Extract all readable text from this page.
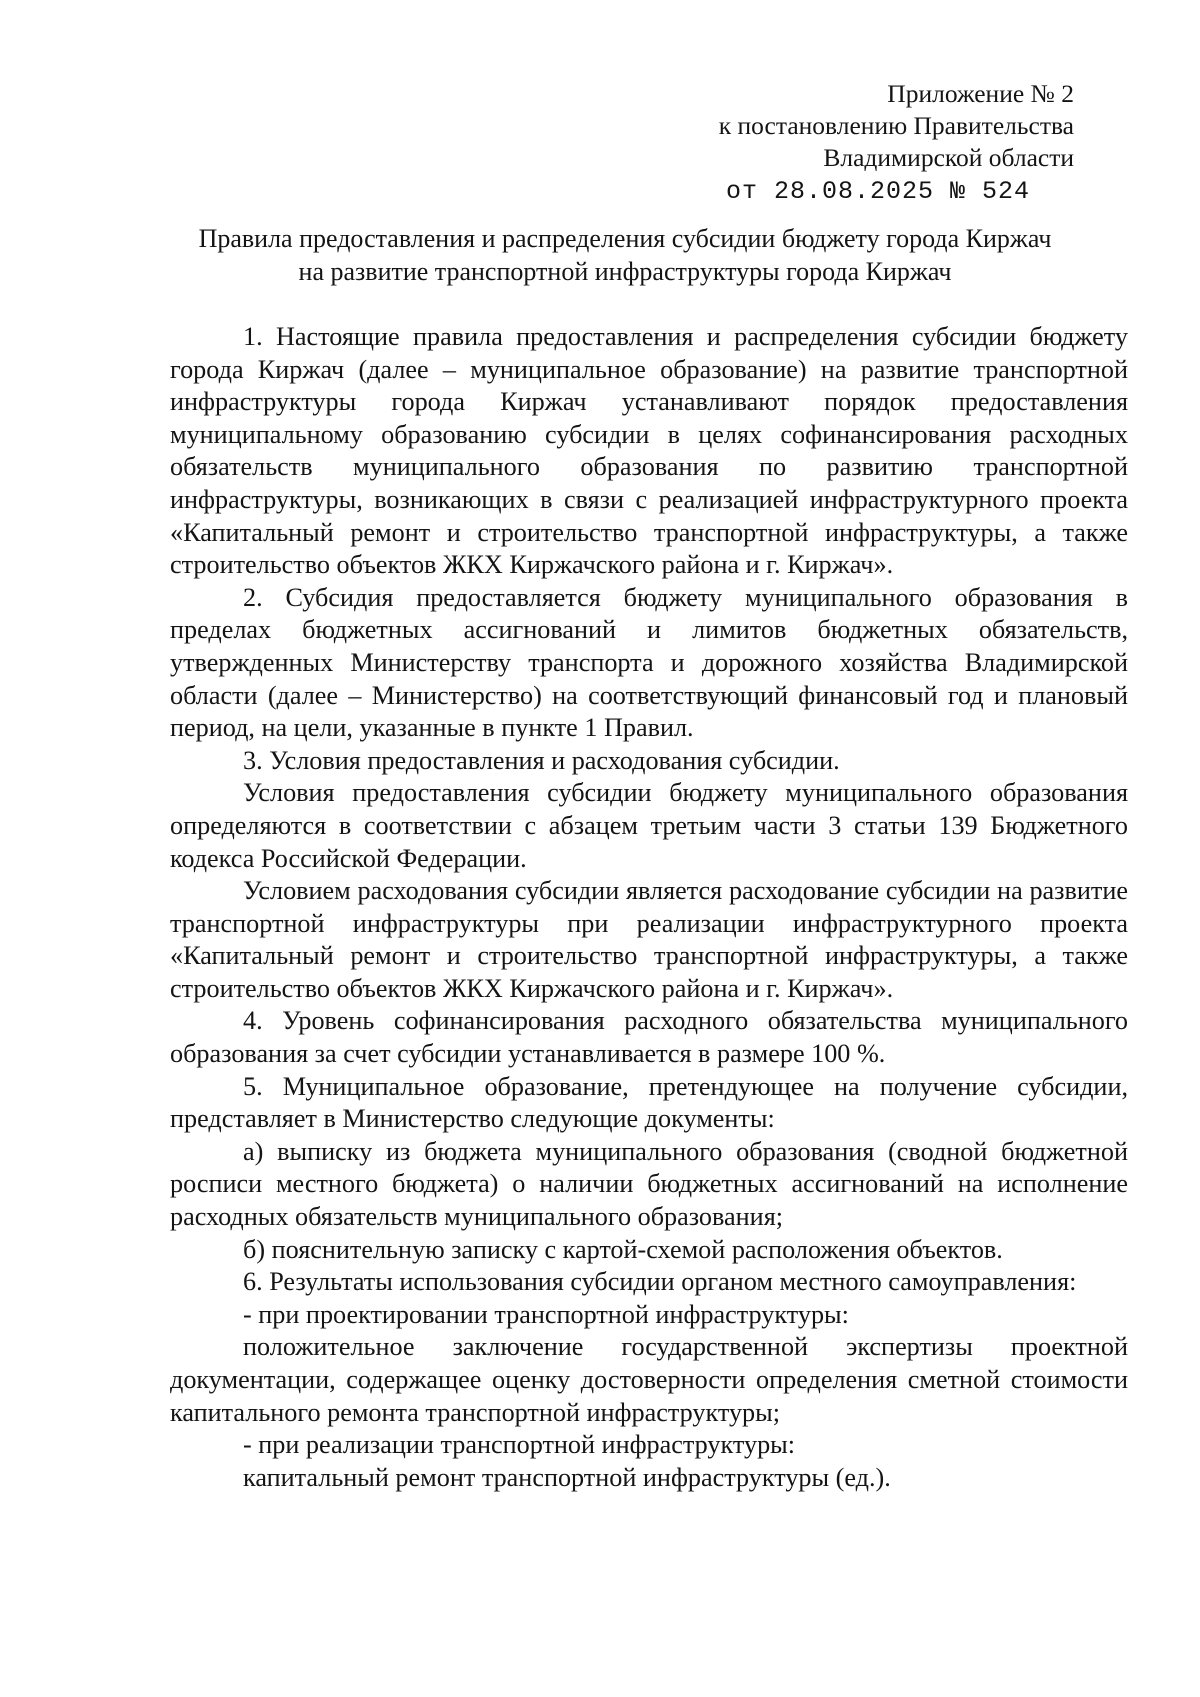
Приложение № 2
к постановлению Правительства
Владимирской области
от 28.08.2025 № 524
Правила предоставления и распределения субсидии бюджету города Киржач
на развитие транспортной инфраструктуры города Киржач

1. Настоящие правила предоставления и распределения субсидии бюджету города Киржач (далее – муниципальное образование) на развитие транспортной инфраструктуры города Киржач устанавливают порядок предоставления муниципальному образованию субсидии в целях софинансирования расходных обязательств муниципального образования по развитию транспортной инфраструктуры, возникающих в связи с реализацией инфраструктурного проекта «Капитальный ремонт и строительство транспортной инфраструктуры, а также строительство объектов ЖКХ Киржачского района и г. Киржач».

2. Субсидия предоставляется бюджету муниципального образования в пределах бюджетных ассигнований и лимитов бюджетных обязательств, утвержденных Министерству транспорта и дорожного хозяйства Владимирской области (далее – Министерство) на соответствующий финансовый год и плановый период, на цели, указанные в пункте 1 Правил.

3. Условия предоставления и расходования субсидии.

Условия предоставления субсидии бюджету муниципального образования определяются в соответствии с абзацем третьим части 3 статьи 139 Бюджетного кодекса Российской Федерации.

Условием расходования субсидии является расходование субсидии на развитие транспортной инфраструктуры при реализации инфраструктурного проекта «Капитальный ремонт и строительство транспортной инфраструктуры, а также строительство объектов ЖКХ Киржачского района и г. Киржач».

4. Уровень софинансирования расходного обязательства муниципального образования за счет субсидии устанавливается в размере 100 %.

5. Муниципальное образование, претендующее на получение субсидии, представляет в Министерство следующие документы:

а) выписку из бюджета муниципального образования (сводной бюджетной росписи местного бюджета) о наличии бюджетных ассигнований на исполнение расходных обязательств муниципального образования;

б) пояснительную записку с картой-схемой расположения объектов.

6. Результаты использования субсидии органом местного самоуправления:

- при проектировании транспортной инфраструктуры:

положительное заключение государственной экспертизы проектной документации, содержащее оценку достоверности определения сметной стоимости капитального ремонта транспортной инфраструктуры;

- при реализации транспортной инфраструктуры:

капитальный ремонт транспортной инфраструктуры (ед.).
